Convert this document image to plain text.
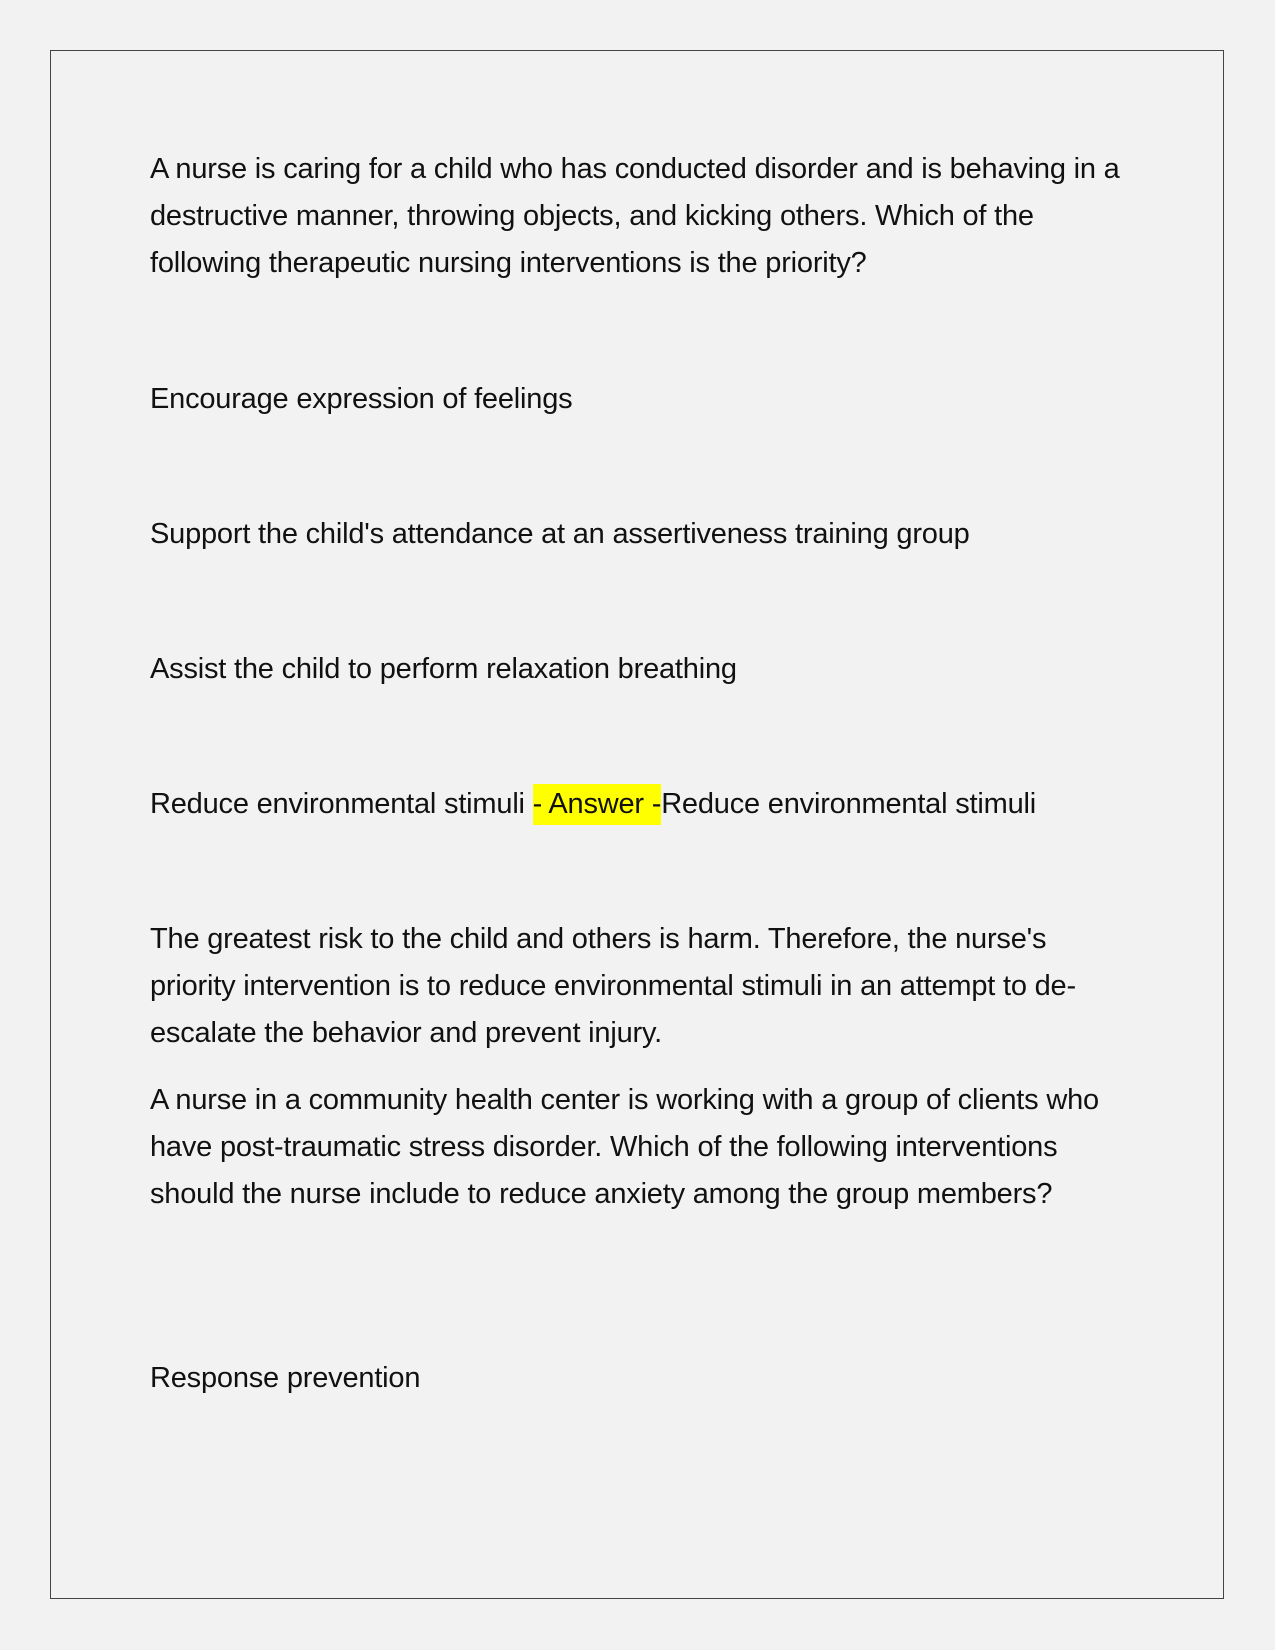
A nurse is caring for a child who has conducted disorder and is behaving in a destructive manner, throwing objects, and kicking others. Which of the following therapeutic nursing interventions is the priority?

Encourage expression of feelings

Support the child's attendance at an assertiveness training group

Assist the child to perform relaxation breathing

Reduce environmental stimuli - Answer -Reduce environmental stimuli

The greatest risk to the child and others is harm. Therefore, the nurse's priority intervention is to reduce environmental stimuli in an attempt to de-escalate the behavior and prevent injury.

A nurse in a community health center is working with a group of clients who have post-traumatic stress disorder. Which of the following interventions should the nurse include to reduce anxiety among the group members?

Response prevention
